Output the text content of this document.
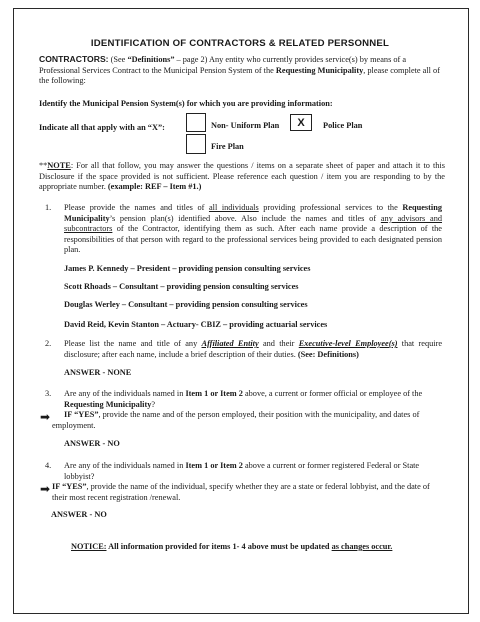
IDENTIFICATION OF CONTRACTORS & RELATED PERSONNEL
CONTRACTORS: (See “Definitions” – page 2) Any entity who currently provides service(s) by means of a Professional Services Contract to the Municipal Pension System of the Requesting Municipality, please complete all of the following:
Identify the Municipal Pension System(s) for which you are providing information:
Indicate all that apply with an “X”:	Non- Uniform Plan	X	Police Plan
Fire Plan
**NOTE: For all that follow, you may answer the questions / items on a separate sheet of paper and attach it to this Disclosure if the space provided is not sufficient. Please reference each question / item you are responding to by the appropriate number. (example: REF – Item #1.)
1. Please provide the names and titles of all individuals providing professional services to the Requesting Municipality’s pension plan(s) identified above. Also include the names and titles of any advisors and subcontractors of the Contractor, identifying them as such. After each name provide a description of the responsibilities of that person with regard to the professional services being provided to each designated pension plan.
James P. Kennedy – President – providing pension consulting services
Scott Rhoads – Consultant – providing pension consulting services
Douglas Werley – Consultant – providing pension consulting services
David Reid, Kevin Stanton – Actuary- CBIZ – providing actuarial services
2. Please list the name and title of any Affiliated Entity and their Executive-level Employee(s) that require disclosure; after each name, include a brief description of their duties. (See: Definitions)
ANSWER - NONE
3. Are any of the individuals named in Item 1 or Item 2 above, a current or former official or employee of the Requesting Municipality?
➡	IF “YES”, provide the name and of the person employed, their position with the municipality, and dates of employment.
ANSWER - NO
4. Are any of the individuals named in Item 1 or Item 2 above a current or former registered Federal or State lobbyist?
➡ IF “YES”, provide the name of the individual, specify whether they are a state or federal lobbyist, and the date of their most recent registration /renewal.
ANSWER - NO
NOTICE: All information provided for items 1- 4 above must be updated as changes occur.
